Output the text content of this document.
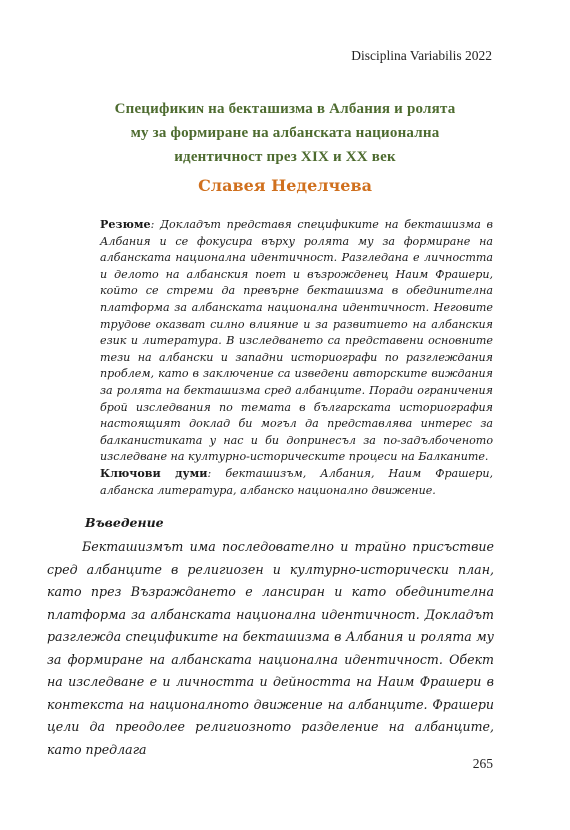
Disciplina Variabilis 2022
Спецификиɴ на бекташизма в Албания и ролята
му за формиране на албанската национална
идентичност през XIX и XX век
Славея Неделчева

Резюме: Докладът представя спецификите на бекташизма в Албания и се фокусира върху ролята му за формиране на албанската национална идентичност. Разгледана е личността и делото на албанския поет и възрожденец Наим Фрашери, който се стреми да превърне бекташизма в обединителна платформа за албанската национална идентичност. Неговите трудове оказват силно влияние и за развитието на албанския език и литература. В изследването са представени основните тези на албански и западни историографи по разглеждания проблем, като в заключение са изведени авторските виждания за ролята на бекташизма сред албанците. Поради ограничения брой изследвания по темата в българската историография настоящият доклад би могъл да представлява интерес за балканистиката у нас и би допринесъл за по-задълбоченото изследване на културно-историческите процеси на Балканите.

Ключови думи: бекташизъм, Албания, Наим Фрашери, албанска литература, албанско национално движение.

Въведение

Бекташизмът има последователно и трайно присъствие сред албанците в религиозен и културно-исторически план, като през Възраждането е лансиран и като обединителна платформа за албанската национална идентичност. Докладът разглежда спецификите на бекташизма в Албания и ролята му за формиране на албанската национална идентичност. Обект на изследване е и личността и дейността на Наим Фрашери в контекста на националното движение на албанците. Фрашери цели да преодолее религиозното разделение на албанците, като предлага

265
